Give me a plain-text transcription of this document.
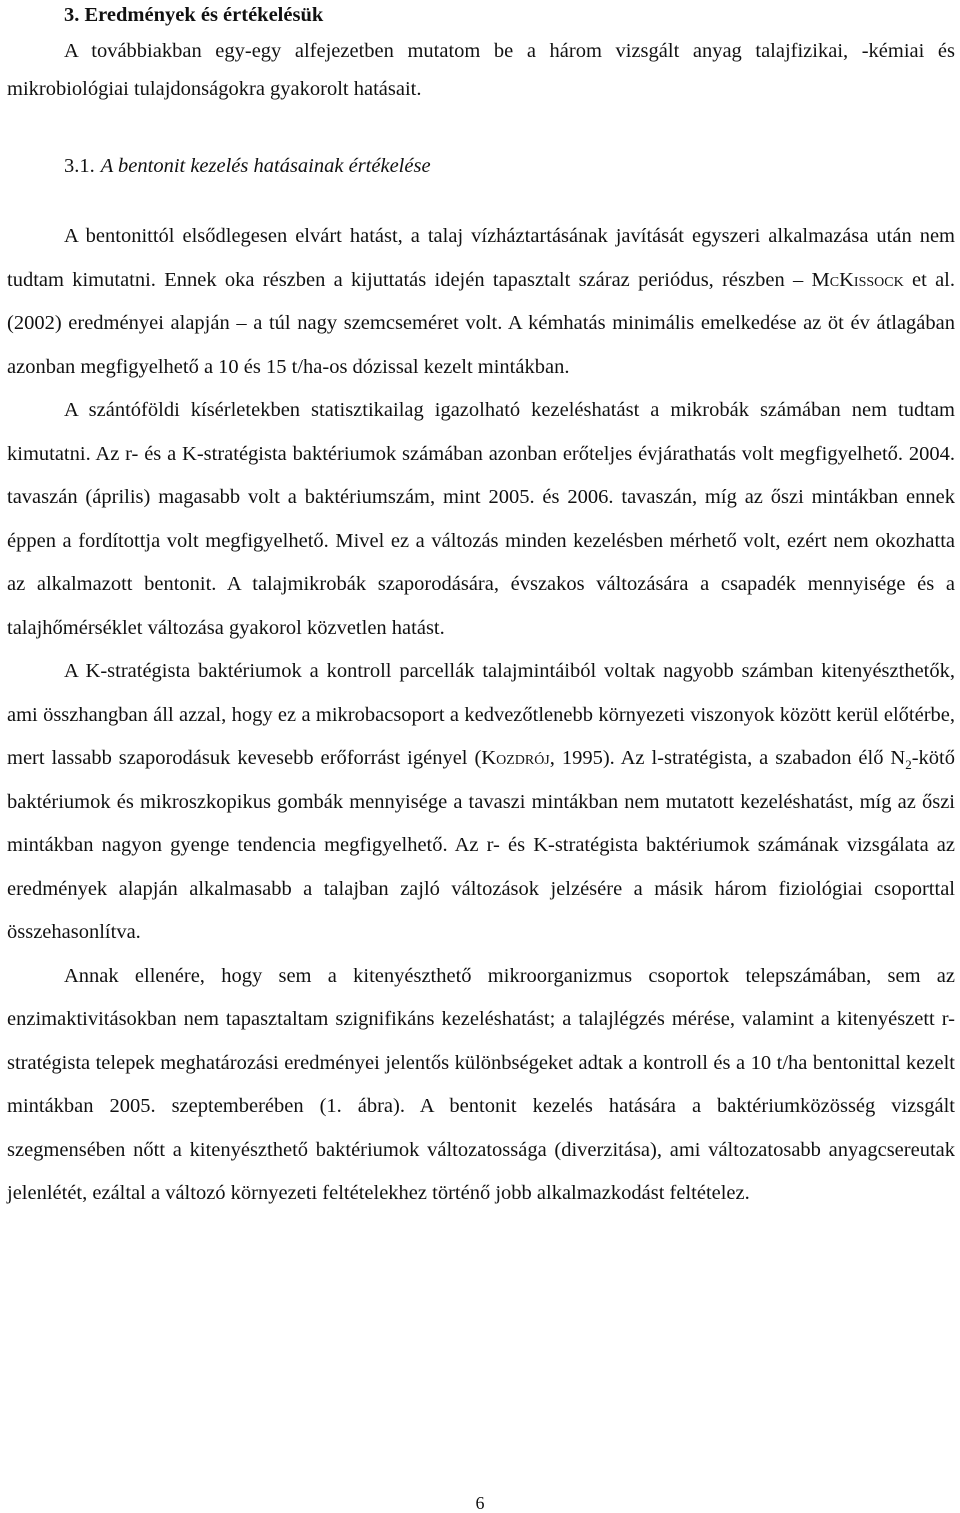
3. Eredmények és értékelésük
A továbbiakban egy-egy alfejezetben mutatom be a három vizsgált anyag talajfizikai, -kémiai és mikrobiológiai tulajdonságokra gyakorolt hatásait.
3.1. A bentonit kezelés hatásainak értékelése

A bentonittól elsődlegesen elvárt hatást, a talaj vízháztartásának javítását egyszeri alkalmazása után nem tudtam kimutatni. Ennek oka részben a kijuttatás idején tapasztalt száraz periódus, részben – McKissock et al. (2002) eredményei alapján – a túl nagy szemcseméret volt. A kémhatás minimális emelkedése az öt év átlagában azonban megfigyelhető a 10 és 15 t/ha-os dózissal kezelt mintákban.

A szántóföldi kísérletekben statisztikailag igazolható kezeléshatást a mikrobák számában nem tudtam kimutatni. Az r- és a K-stratégista baktériumok számában azonban erőteljes évjárathatás volt megfigyelhető. 2004. tavaszán (április) magasabb volt a baktériumszám, mint 2005. és 2006. tavaszán, míg az őszi mintákban ennek éppen a fordítottja volt megfigyelhető. Mivel ez a változás minden kezelésben mérhető volt, ezért nem okozhatta az alkalmazott bentonit. A talajmikrobák szaporodására, évszakos változására a csapadék mennyisége és a talajhőmérséklet változása gyakorol közvetlen hatást.

A K-stratégista baktériumok a kontroll parcellák talajmintáiból voltak nagyobb számban kitenyészthetők, ami összhangban áll azzal, hogy ez a mikrobacsoport a kedvezőtlenebb környezeti viszonyok között kerül előtérbe, mert lassabb szaporodásuk kevesebb erőforrást igényel (Kozdrój, 1995). Az l-stratégista, a szabadon élő $N_2$-kötő baktériumok és mikroszkopikus gombák mennyisége a tavaszi mintákban nem mutatott kezeléshatást, míg az őszi mintákban nagyon gyenge tendencia megfigyelhető. Az r- és K-stratégista baktériumok számának vizsgálata az eredmények alapján alkalmasabb a talajban zajló változások jelzésére a másik három fiziológiai csoporttal összehasonlítva.

Annak ellenére, hogy sem a kitenyészthető mikroorganizmus csoportok telepszámában, sem az enzimaktivitásokban nem tapasztaltam szignifikáns kezeléshatást; a talajlégzés mérése, valamint a kitenyészett r-stratégista telepek meghatározási eredményei jelentős különbségeket adtak a kontroll és a 10 t/ha bentonittal kezelt mintákban 2005. szeptemberében (1. ábra). A bentonit kezelés hatására a baktériumközösség vizsgált szegmensében nőtt a kitenyészthető baktériumok változatossága (diverzitása), ami változatosabb anyagcsereutak jelenlétét, ezáltal a változó környezeti feltételekhez történő jobb alkalmazkodást feltételez.

6
